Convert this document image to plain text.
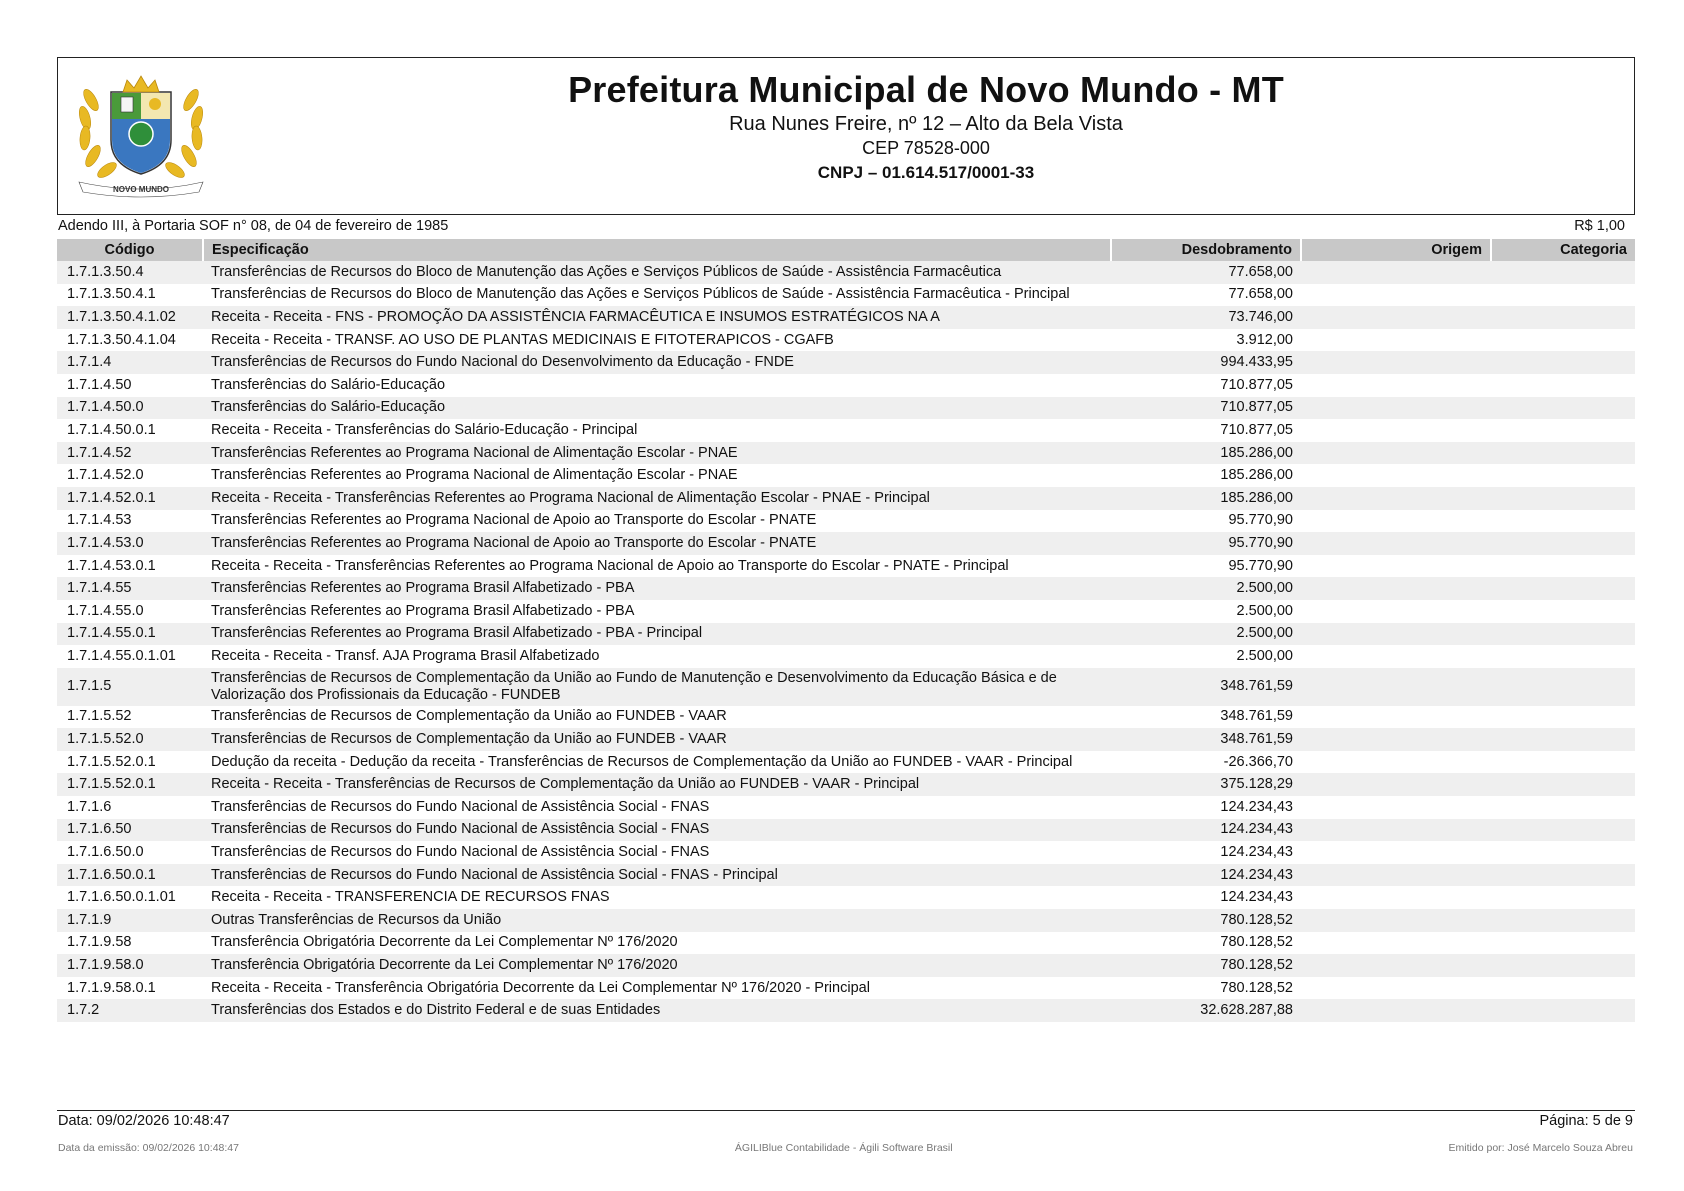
NOVO MUNDO
Prefeitura Municipal de Novo Mundo - MT
Rua Nunes Freire, nº 12 – Alto da Bela Vista
CEP 78528-000
CNPJ – 01.614.517/0001-33
Adendo III, à Portaria SOF n° 08, de 04 de fevereiro de 1985	R$ 1,00
Código	Especificação	Desdobramento	Origem	Categoria
1.7.1.3.50.4	Transferências de Recursos do Bloco de Manutenção das Ações e Serviços Públicos de Saúde - Assistência Farmacêutica	77.658,00		
1.7.1.3.50.4.1	Transferências de Recursos do Bloco de Manutenção das Ações e Serviços Públicos de Saúde - Assistência Farmacêutica - Principal	77.658,00		
1.7.1.3.50.4.1.02	Receita - Receita - FNS - PROMOÇÃO DA ASSISTÊNCIA FARMACÊUTICA E INSUMOS ESTRATÉGICOS NA A	73.746,00		
1.7.1.3.50.4.1.04	Receita - Receita - TRANSF. AO USO DE PLANTAS MEDICINAIS E FITOTERAPICOS - CGAFB	3.912,00		
1.7.1.4	Transferências de Recursos do Fundo Nacional do Desenvolvimento da Educação - FNDE	994.433,95		
1.7.1.4.50	Transferências do Salário-Educação	710.877,05		
1.7.1.4.50.0	Transferências do Salário-Educação	710.877,05		
1.7.1.4.50.0.1	Receita - Receita - Transferências do Salário-Educação - Principal	710.877,05		
1.7.1.4.52	Transferências Referentes ao Programa Nacional de Alimentação Escolar - PNAE	185.286,00		
1.7.1.4.52.0	Transferências Referentes ao Programa Nacional de Alimentação Escolar - PNAE	185.286,00		
1.7.1.4.52.0.1	Receita - Receita - Transferências Referentes ao Programa Nacional de Alimentação Escolar - PNAE - Principal	185.286,00		
1.7.1.4.53	Transferências Referentes ao Programa Nacional de Apoio ao Transporte do Escolar - PNATE	95.770,90		
1.7.1.4.53.0	Transferências Referentes ao Programa Nacional de Apoio ao Transporte do Escolar - PNATE	95.770,90		
1.7.1.4.53.0.1	Receita - Receita - Transferências Referentes ao Programa Nacional de Apoio ao Transporte do Escolar - PNATE - Principal	95.770,90		
1.7.1.4.55	Transferências Referentes ao Programa Brasil Alfabetizado - PBA	2.500,00		
1.7.1.4.55.0	Transferências Referentes ao Programa Brasil Alfabetizado - PBA	2.500,00		
1.7.1.4.55.0.1	Transferências Referentes ao Programa Brasil Alfabetizado - PBA - Principal	2.500,00		
1.7.1.4.55.0.1.01	Receita - Receita - Transf. AJA Programa Brasil Alfabetizado	2.500,00		
1.7.1.5	Transferências de Recursos de Complementação da União ao Fundo de Manutenção e Desenvolvimento da Educação Básica e de Valorização dos Profissionais da Educação - FUNDEB	348.761,59		
1.7.1.5.52	Transferências de Recursos de Complementação da União ao FUNDEB - VAAR	348.761,59		
1.7.1.5.52.0	Transferências de Recursos de Complementação da União ao FUNDEB - VAAR	348.761,59		
1.7.1.5.52.0.1	Dedução da receita - Dedução da receita - Transferências de Recursos de Complementação da União ao FUNDEB - VAAR - Principal	-26.366,70		
1.7.1.5.52.0.1	Receita - Receita - Transferências de Recursos de Complementação da União ao FUNDEB - VAAR - Principal	375.128,29		
1.7.1.6	Transferências de Recursos do Fundo Nacional de Assistência Social - FNAS	124.234,43		
1.7.1.6.50	Transferências de Recursos do Fundo Nacional de Assistência Social - FNAS	124.234,43		
1.7.1.6.50.0	Transferências de Recursos do Fundo Nacional de Assistência Social - FNAS	124.234,43		
1.7.1.6.50.0.1	Transferências de Recursos do Fundo Nacional de Assistência Social - FNAS - Principal	124.234,43		
1.7.1.6.50.0.1.01	Receita - Receita - TRANSFERENCIA DE RECURSOS FNAS	124.234,43		
1.7.1.9	Outras Transferências de Recursos da União	780.128,52		
1.7.1.9.58	Transferência Obrigatória Decorrente da Lei Complementar Nº 176/2020	780.128,52		
1.7.1.9.58.0	Transferência Obrigatória Decorrente da Lei Complementar Nº 176/2020	780.128,52		
1.7.1.9.58.0.1	Receita - Receita - Transferência Obrigatória Decorrente da Lei Complementar Nº 176/2020 - Principal	780.128,52		
1.7.2	Transferências dos Estados e do Distrito Federal e de suas Entidades	32.628.287,88		
Data: 09/02/2026 10:48:47	Página: 5 de 9
Data da emissão: 09/02/2026 10:48:47	ÁGILIBlue Contabilidade - Ágili Software Brasil	Emitido por: José Marcelo Souza Abreu
